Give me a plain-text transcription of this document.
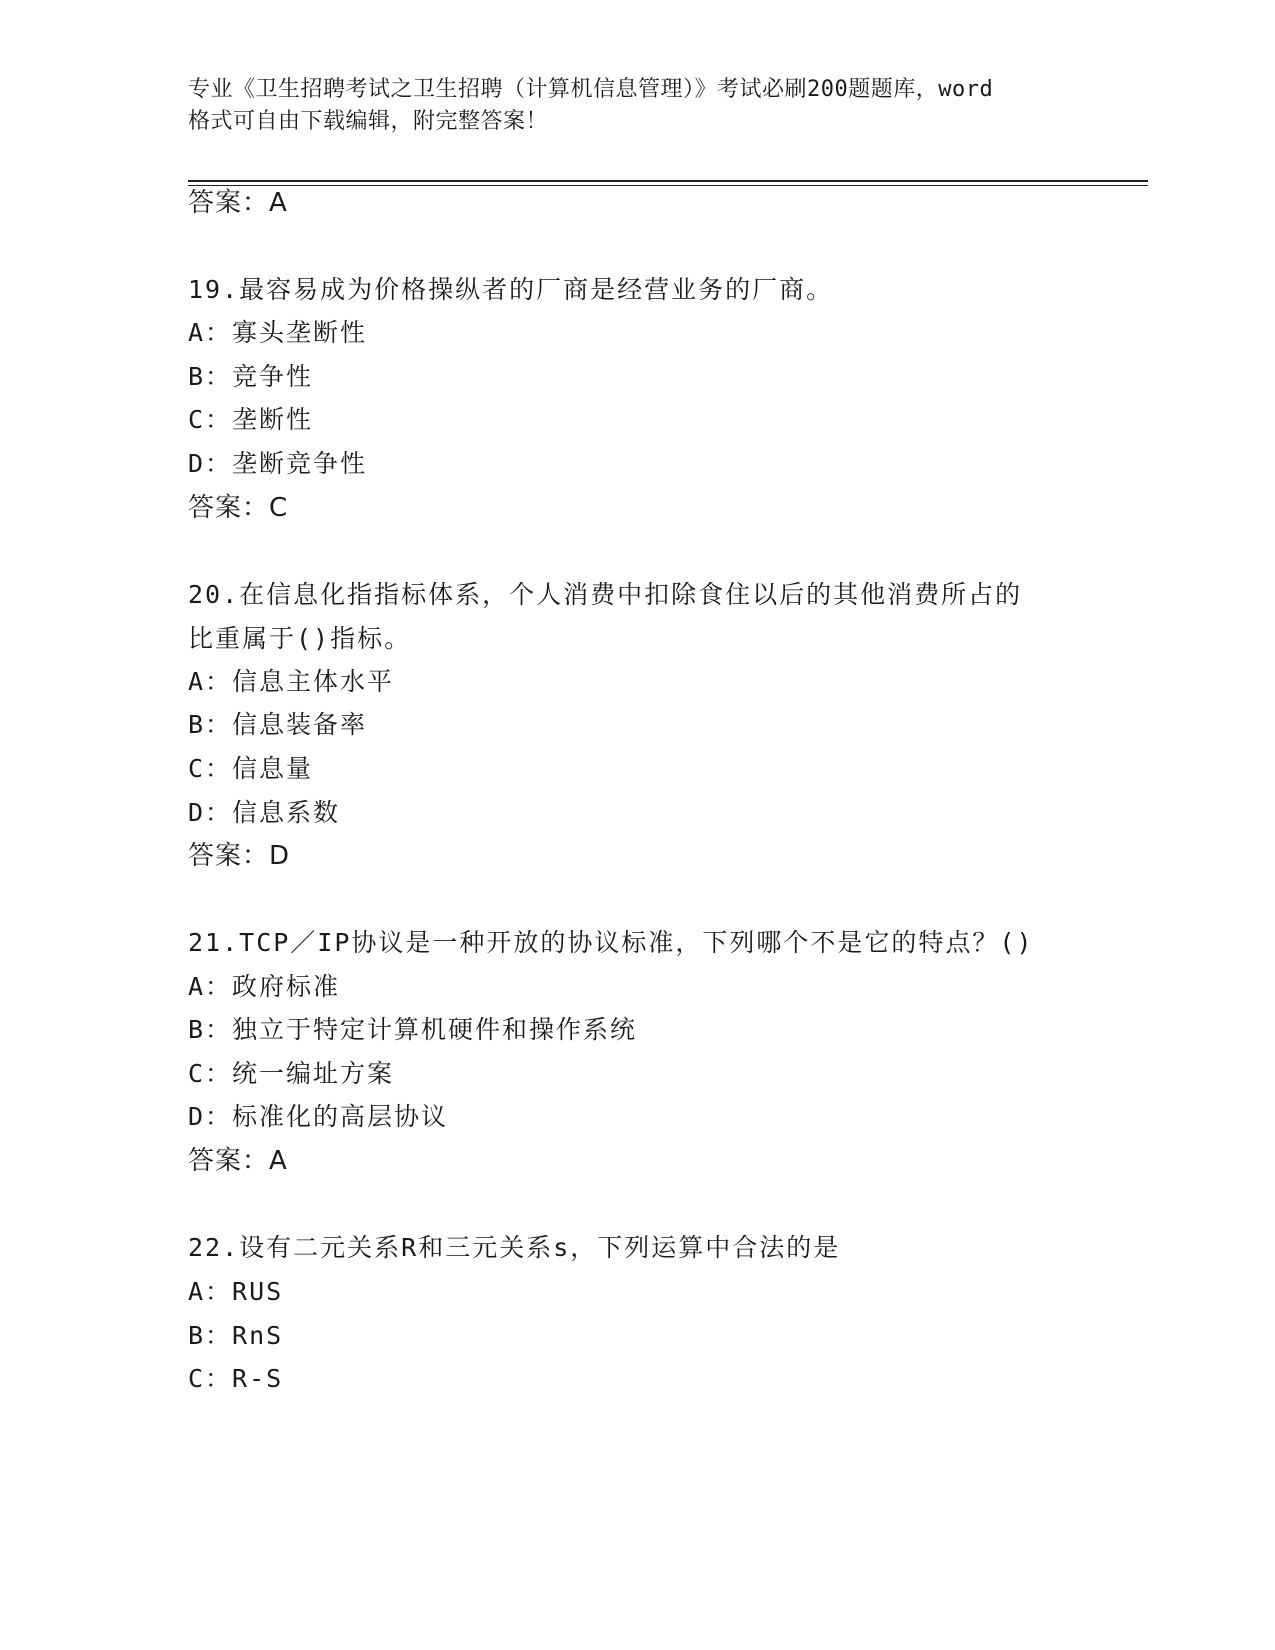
专业《卫生招聘考试之卫生招聘（计算机信息管理）》考试必刷200题题库，word
格式可自由下载编辑，附完整答案！
答案：A
19.最容易成为价格操纵者的厂商是经营业务的厂商。
A：寡头垄断性
B：竞争性
C：垄断性
D：垄断竞争性
答案：C
20.在信息化指指标体系，个人消费中扣除食住以后的其他消费所占的
比重属于()指标。
A：信息主体水平
B：信息装备率
C：信息量
D：信息系数
答案：D
21.TCP／IP协议是一种开放的协议标准，下列哪个不是它的特点？()
A：政府标准
B：独立于特定计算机硬件和操作系统
C：统一编址方案
D：标准化的高层协议
答案：A
22.设有二元关系R和三元关系s，下列运算中合法的是
A：RUS
B：RnS
C：R-S
